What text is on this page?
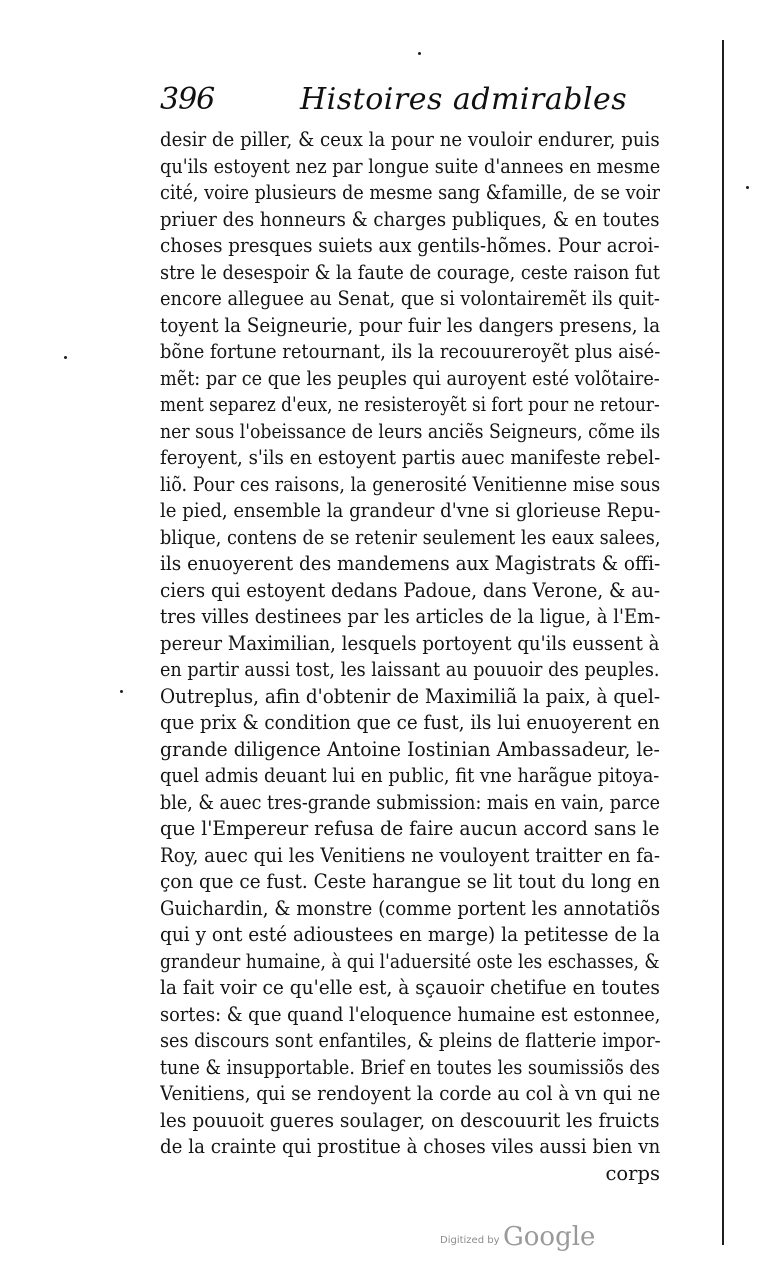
396	Histoires admirables
desir de piller, & ceux la pour ne vouloir endurer, puis
qu'ils estoyent nez par longue suite d'annees en mesme
cité, voire plusieurs de mesme sang &famille, de se voir
priuer des honneurs & charges publiques, & en toutes
choses presques suiets aux gentils-hõmes. Pour acroi-
stre le desespoir & la faute de courage, ceste raison fut
encore alleguee au Senat, que si volontairemẽt ils quit-
toyent la Seigneurie, pour fuir les dangers presens, la
bõne fortune retournant, ils la recouureroyẽt plus aisé-
mẽt: par ce que les peuples qui auroyent esté volõtaire-
ment separez d'eux, ne resisteroyẽt si fort pour ne retour-
ner sous l'obeissance de leurs anciẽs Seigneurs, cõme ils
feroyent, s'ils en estoyent partis auec manifeste rebel-
liõ. Pour ces raisons, la generosité Venitienne mise sous
le pied, ensemble la grandeur d'vne si glorieuse Repu-
blique, contens de se retenir seulement les eaux salees,
ils enuoyerent des mandemens aux Magistrats & offi-
ciers qui estoyent dedans Padoue, dans Verone, & au-
tres villes destinees par les articles de la ligue, à l'Em-
pereur Maximilian, lesquels portoyent qu'ils eussent à
en partir aussi tost, les laissant au pouuoir des peuples.
Outreplus, afin d'obtenir de Maximiliã la paix, à quel-
que prix & condition que ce fust, ils lui enuoyerent en
grande diligence Antoine Iostinian Ambassadeur, le-
quel admis deuant lui en public, fit vne harãgue pitoya-
ble, & auec tres-grande submission: mais en vain, parce
que l'Empereur refusa de faire aucun accord sans le
Roy, auec qui les Venitiens ne vouloyent traitter en fa-
çon que ce fust. Ceste harangue se lit tout du long en
Guichardin, & monstre (comme portent les annotatiõs
qui y ont esté adioustees en marge) la petitesse de la
grandeur humaine, à qui l'aduersité oste les eschasses, &
la fait voir ce qu'elle est, à sçauoir chetifue en toutes
sortes: & que quand l'eloquence humaine est estonnee,
ses discours sont enfantiles, & pleins de flatterie impor-
tune & insupportable. Brief en toutes les soumissiõs des
Venitiens, qui se rendoyent la corde au col à vn qui ne
les pouuoit gueres soulager, on descouurit les fruicts
de la crainte qui prostitue à choses viles aussi bien vn
corps
Digitized by Google
